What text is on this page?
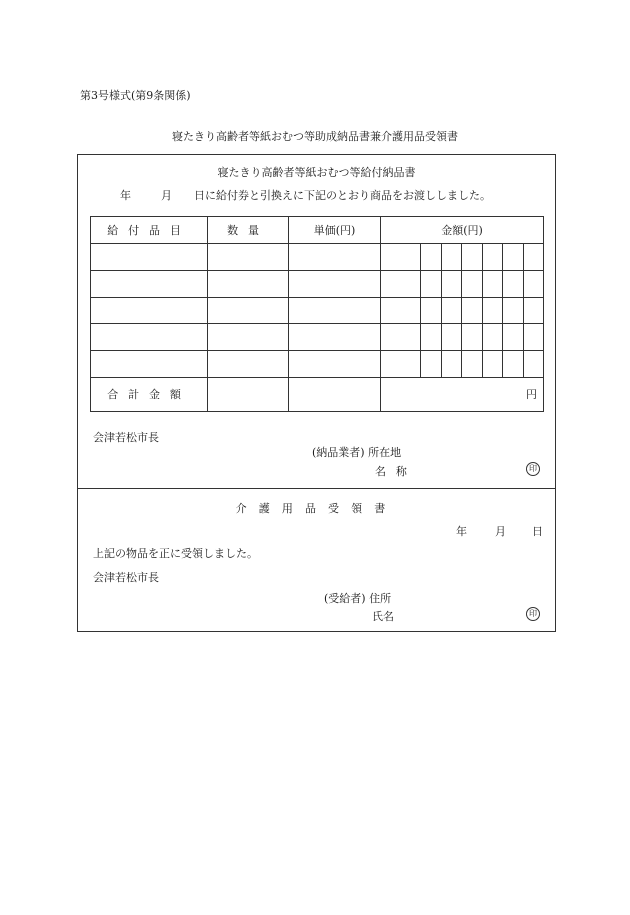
第3号様式(第9条関係)
寝たきり高齢者等紙おむつ等助成納品書兼介護用品受領書
寝たきり高齢者等紙おむつ等給付納品書
年	月 日に給付券と引換えに下記のとおり商品をお渡ししました。
給付品目	数量	単価(円)	金額(円)	

合計金額			円	
会津若松市長
(納品業者) 所在地
名称	印
介護用品受領書
年	月 日
上記の物品を正に受領しました。
会津若松市長
(受給者) 住所
氏名	印
